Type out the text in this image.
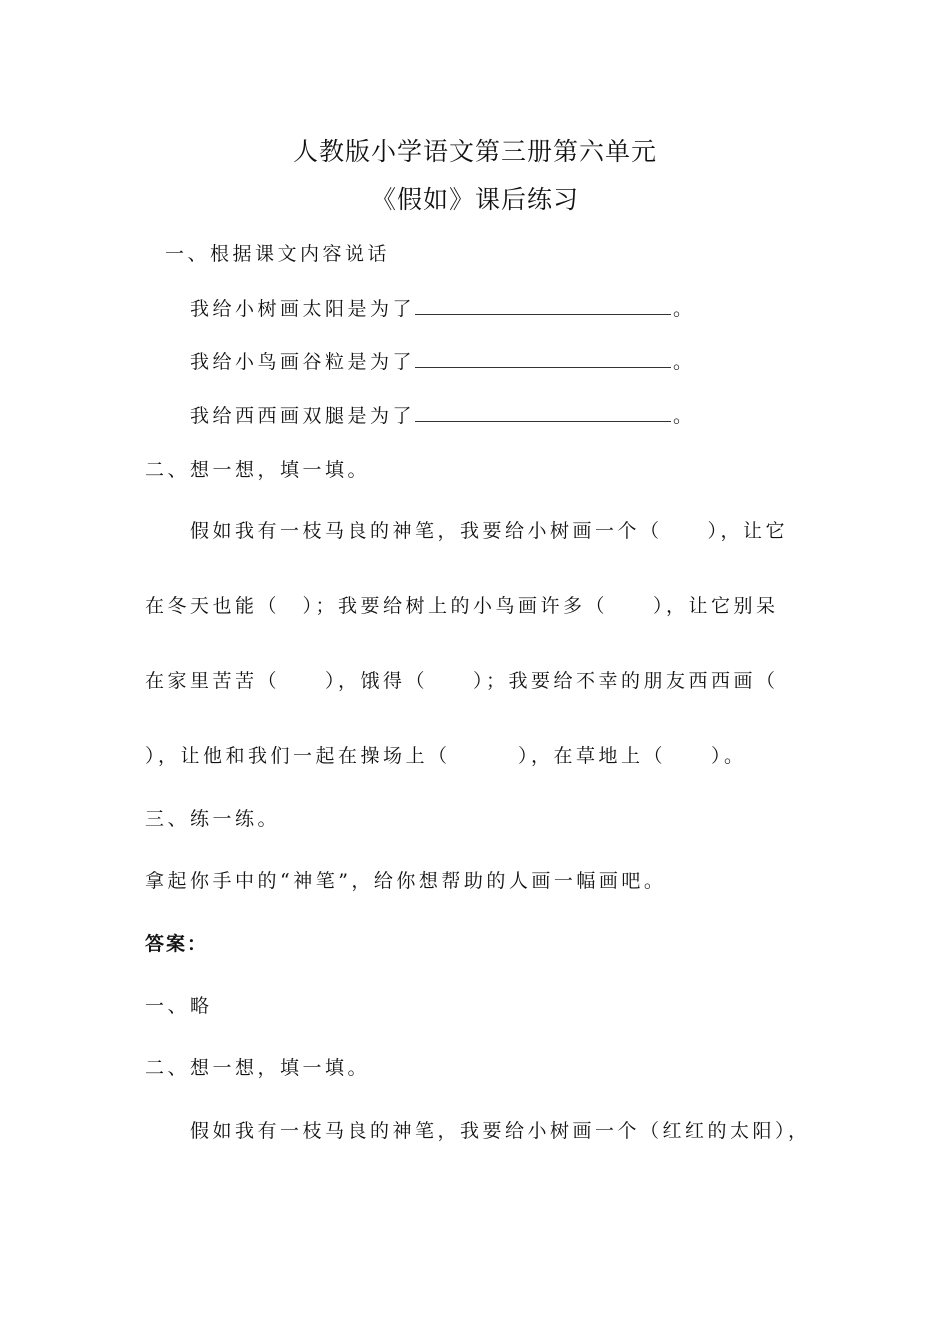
人教版小学语文第三册第六单元
《假如》课后练习
一、根据课文内容说话
我给小树画太阳是为了	。
我给小鸟画谷粒是为了	。
我给西西画双腿是为了	。
二、想一想，填一填。
假如我有一枝马良的神笔，我要给小树画一个（　　），让它
在冬天也能（　）；我要给树上的小鸟画许多（　　），让它别呆
在家里苦苦（　　），饿得（　　）；我要给不幸的朋友西西画（
），让他和我们一起在操场上（　　　），在草地上（　　）。
三、练一练。
拿起你手中的“神笔”，给你想帮助的人画一幅画吧。
答案：
一、略
二、想一想，填一填。
假如我有一枝马良的神笔，我要给小树画一个（红红的太阳），
